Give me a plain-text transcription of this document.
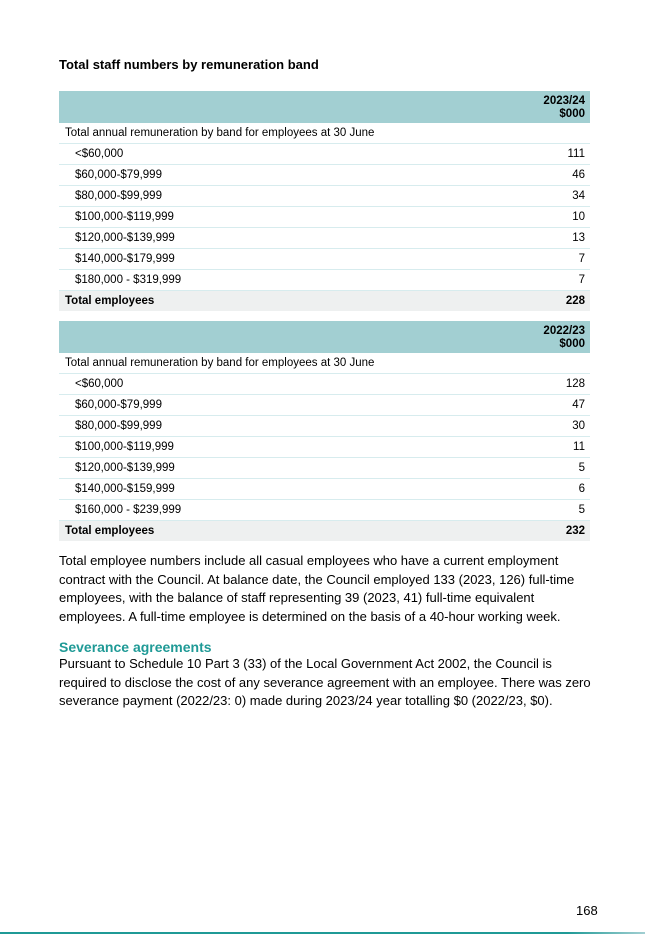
Total staff numbers by remuneration band
2023/24
$000	
Total annual remuneration by band for employees at 30 June	
<$60,000	111
$60,000-$79,999	46
$80,000-$99,999	34
$100,000-$119,999	10
$120,000-$139,999	13
$140,000-$179,999	7
$180,000 - $319,999	7
Total employees	228
2022/23
$000	
Total annual remuneration by band for employees at 30 June	
<$60,000	128
$60,000-$79,999	47
$80,000-$99,999	30
$100,000-$119,999	11
$120,000-$139,999	5
$140,000-$159,999	6
$160,000 - $239,999	5
Total employees	232

Total employee numbers include all casual employees who have a current employment contract with the Council. At balance date, the Council employed 133 (2023, 126) full-time employees, with the balance of staff representing 39 (2023, 41) full-time equivalent employees. A full-time employee is determined on the basis of a 40-hour working week.

Severance agreements

Pursuant to Schedule 10 Part 3 (33) of the Local Government Act 2002, the Council is required to disclose the cost of any severance agreement with an employee. There was zero severance payment (2022/23: 0) made during 2023/24 year totalling $0 (2022/23, $0).

168
